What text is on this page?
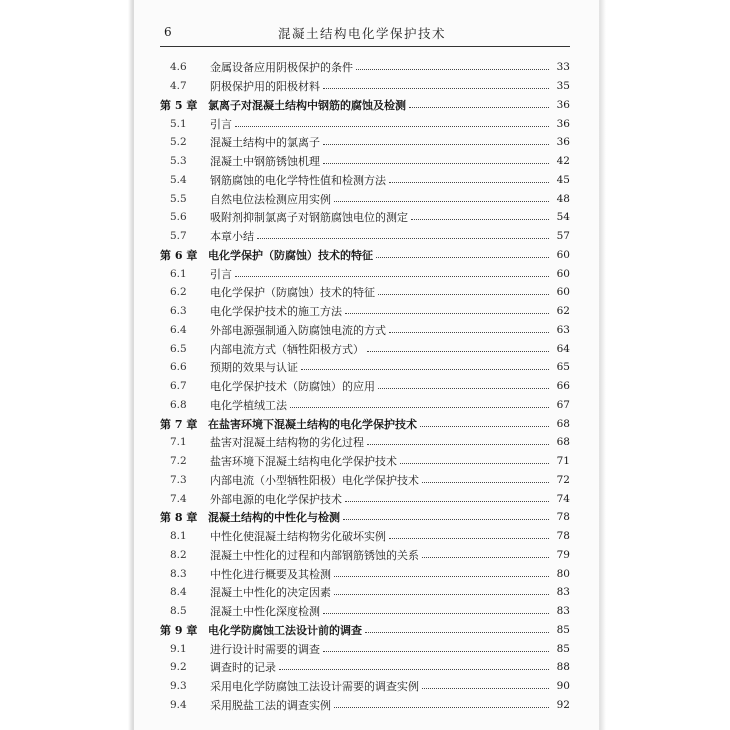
6	混凝土结构电化学保护技术
4.6	金属设备应用阴极保护的条件	33
4.7	阴极保护用的阳极材料	35
第 5 章 氯离子对混凝土结构中钢筋的腐蚀及检测	36
5.1	引言	36
5.2	混凝土结构中的氯离子	36
5.3	混凝土中钢筋锈蚀机理	42
5.4	钢筋腐蚀的电化学特性值和检测方法	45
5.5	自然电位法检测应用实例	48
5.6	吸附剂抑制氯离子对钢筋腐蚀电位的测定	54
5.7	本章小结	57
第 6 章 电化学保护（防腐蚀）技术的特征	60
6.1	引言	60
6.2	电化学保护（防腐蚀）技术的特征	60
6.3	电化学保护技术的施工方法	62
6.4	外部电源强制通入防腐蚀电流的方式	63
6.5	内部电流方式（牺牲阳极方式）	64
6.6	预期的效果与认证	65
6.7	电化学保护技术（防腐蚀）的应用	66
6.8	电化学植绒工法	67
第 7 章 在盐害环境下混凝土结构的电化学保护技术	68
7.1	盐害对混凝土结构物的劣化过程	68
7.2	盐害环境下混凝土结构电化学保护技术	71
7.3	内部电流（小型牺牲阳极）电化学保护技术	72
7.4	外部电源的电化学保护技术	74
第 8 章 混凝土结构的中性化与检测	78
8.1	中性化使混凝土结构物劣化破坏实例	78
8.2	混凝土中性化的过程和内部钢筋锈蚀的关系	79
8.3	中性化进行概要及其检测	80
8.4	混凝土中性化的决定因素	83
8.5	混凝土中性化深度检测	83
第 9 章 电化学防腐蚀工法设计前的调查	85
9.1	进行设计时需要的调查	85
9.2	调查时的记录	88
9.3	采用电化学防腐蚀工法设计需要的调查实例	90
9.4	采用脱盐工法的调查实例	92
